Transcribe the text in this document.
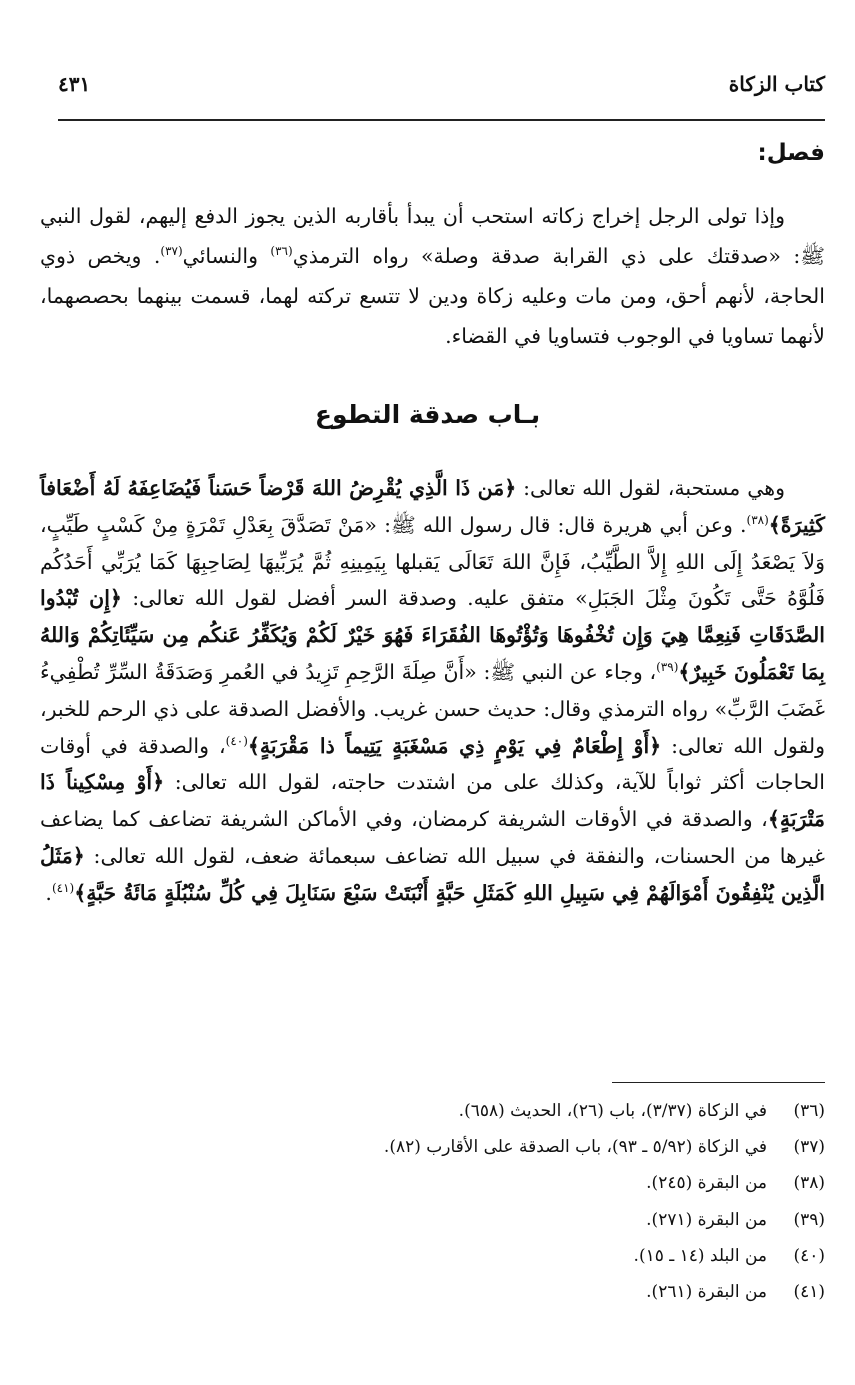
كتاب الزكاة
٤٣١
فصل:

وإذا تولى الرجل إخراج زكاته استحب أن يبدأ بأقاربه الذين يجوز الدفع إليهم، لقول النبي ﷺ: «صدقتك على ذي القرابة صدقة وصلة» رواه الترمذي$^{(٣٦)}$ والنسائي$^{(٣٧)}$. ويخص ذوي الحاجة، لأنهم أحق، ومن مات وعليه زكاة ودين لا تتسع تركته لهما، قسمت بينهما بحصصهما، لأنهما تساويا في الوجوب فتساويا في القضاء.

بـاب صدقة التطوع

وهي مستحبة، لقول الله تعالى: ﴿مَن ذَا الَّذِي يُقْرِضُ اللهَ قَرْضاً حَسَناً فَيُضَاعِفَهُ لَهُ أَضْعَافاً كَثِيرَةً﴾$^{(٣٨)}$. وعن أبي هريرة قال: قال رسول الله ﷺ: «مَنْ تَصَدَّقَ بِعَدْلِ تَمْرَةٍ مِنْ كَسْبٍ طَيِّبٍ، وَلاَ يَصْعَدُ إِلَى اللهِ إِلاَّ الطَّيِّبُ، فَإِنَّ اللهَ تَعَالَى يَقبلها بِيَمِينِهِ ثُمَّ يُرَبِّيهَا لِصَاحِبِهَا كَمَا يُرَبِّي أَحَدُكُم فَلُوَّهُ حَتَّى تَكُونَ مِثْلَ الجَبَلِ» متفق عليه. وصدقة السر أفضل لقول الله تعالى: ﴿إِن تُبْدُوا الصَّدَقَاتِ فَنِعِمَّا هِيَ وَإِن تُخْفُوهَا وَتُؤْتُوهَا الفُقَرَاءَ فَهُوَ خَيْرٌ لَكُمْ وَيُكَفِّرُ عَنكُم مِن سَيِّئَاتِكُمْ وَاللهُ بِمَا تَعْمَلُونَ خَبِيرٌ﴾$^{(٣٩)}$، وجاء عن النبي ﷺ: «أَنَّ صِلَةَ الرَّحِمِ تَزِيدُ في العُمرِ وَصَدَقَةُ السِّرِّ تُطْفِيءُ غَضَبَ الرَّبِّ» رواه الترمذي وقال: حديث حسن غريب. والأفضل الصدقة على ذي الرحم للخبر، ولقول الله تعالى: ﴿أَوْ إِطْعَامٌ فِي يَوْمٍ ذِي مَسْغَبَةٍ يَتِيماً ذا مَقْرَبَةٍ﴾$^{(٤٠)}$، والصدقة في أوقات الحاجات أكثر ثواباً للآية، وكذلك على من اشتدت حاجته، لقول الله تعالى: ﴿أَوْ مِسْكِيناً ذَا مَتْرَبَةٍ﴾، والصدقة في الأوقات الشريفة كرمضان، وفي الأماكن الشريفة تضاعف كما يضاعف غيرها من الحسنات، والنفقة في سبيل الله تضاعف سبعمائة ضعف، لقول الله تعالى: ﴿مَثَلُ الَّذِين يُنْفِقُونَ أَمْوَالَهُمْ فِي سَبِيلِ اللهِ كَمَثَلِ حَبَّةٍ أَنْبَتَتْ سَبْعَ سَنَابِلَ فِي كُلِّ سُنْبُلَةٍ مَائَةُ حَبَّةٍ﴾$^{(٤١)}$.

(٣٦)في الزكاة (٣/٣٧)، باب (٢٦)، الحديث (٦٥٨).
(٣٧)في الزكاة (٥/٩٢ ـ ٩٣)، باب الصدقة على الأقارب (٨٢).
(٣٨)من البقرة (٢٤٥).
(٣٩)من البقرة (٢٧١).
(٤٠)من البلد (١٤ ـ ١٥).
(٤١)من البقرة (٢٦١).
